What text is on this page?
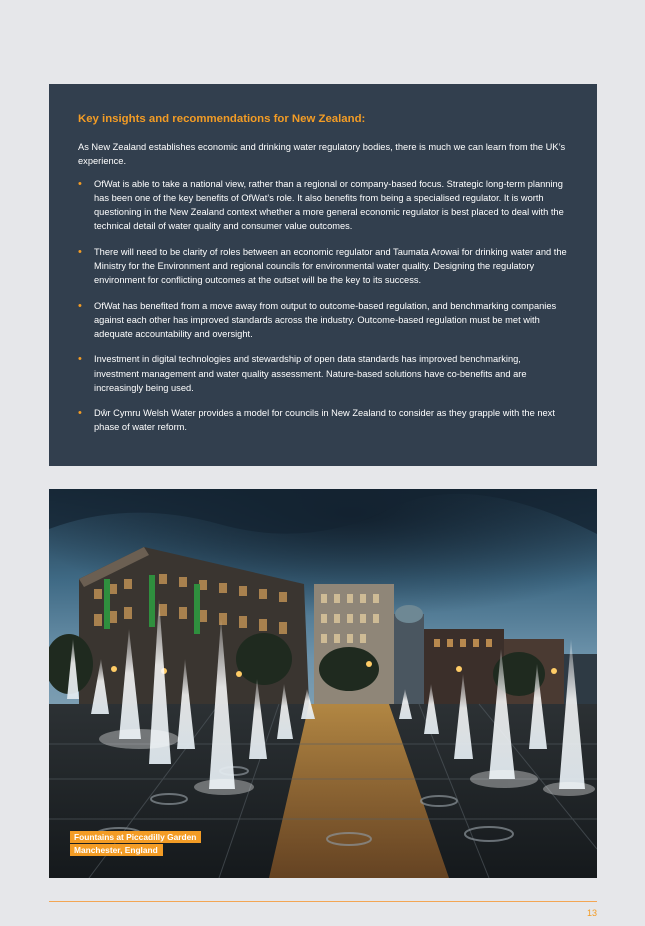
Key insights and recommendations for New Zealand:

As New Zealand establishes economic and drinking water regulatory bodies, there is much we can learn from the UK’s experience.

• OfWat is able to take a national view, rather than a regional or company-based focus. Strategic long-term planning has been one of the key benefits of OfWat’s role. It also benefits from being a specialised regulator. It is worth questioning in the New Zealand context whether a more general economic regulator is best placed to deal with the technical detail of water quality and consumer value outcomes.
• There will need to be clarity of roles between an economic regulator and Taumata Arowai for drinking water and the Ministry for the Environment and regional councils for environmental water quality. Designing the regulatory environment for conflicting outcomes at the outset will be the key to its success.
• OfWat has benefited from a move away from output to outcome-based regulation, and benchmarking companies against each other has improved standards across the industry. Outcome-based regulation must be met with adequate accountability and oversight.
• Investment in digital technologies and stewardship of open data standards has improved benchmarking, investment management and water quality assessment. Nature-based solutions have co-benefits and are increasingly being used.
• Dŵr Cymru Welsh Water provides a model for councils in New Zealand to consider as they grapple with the next phase of water reform.
Fountains at Piccadilly Garden
Manchester, England
13
